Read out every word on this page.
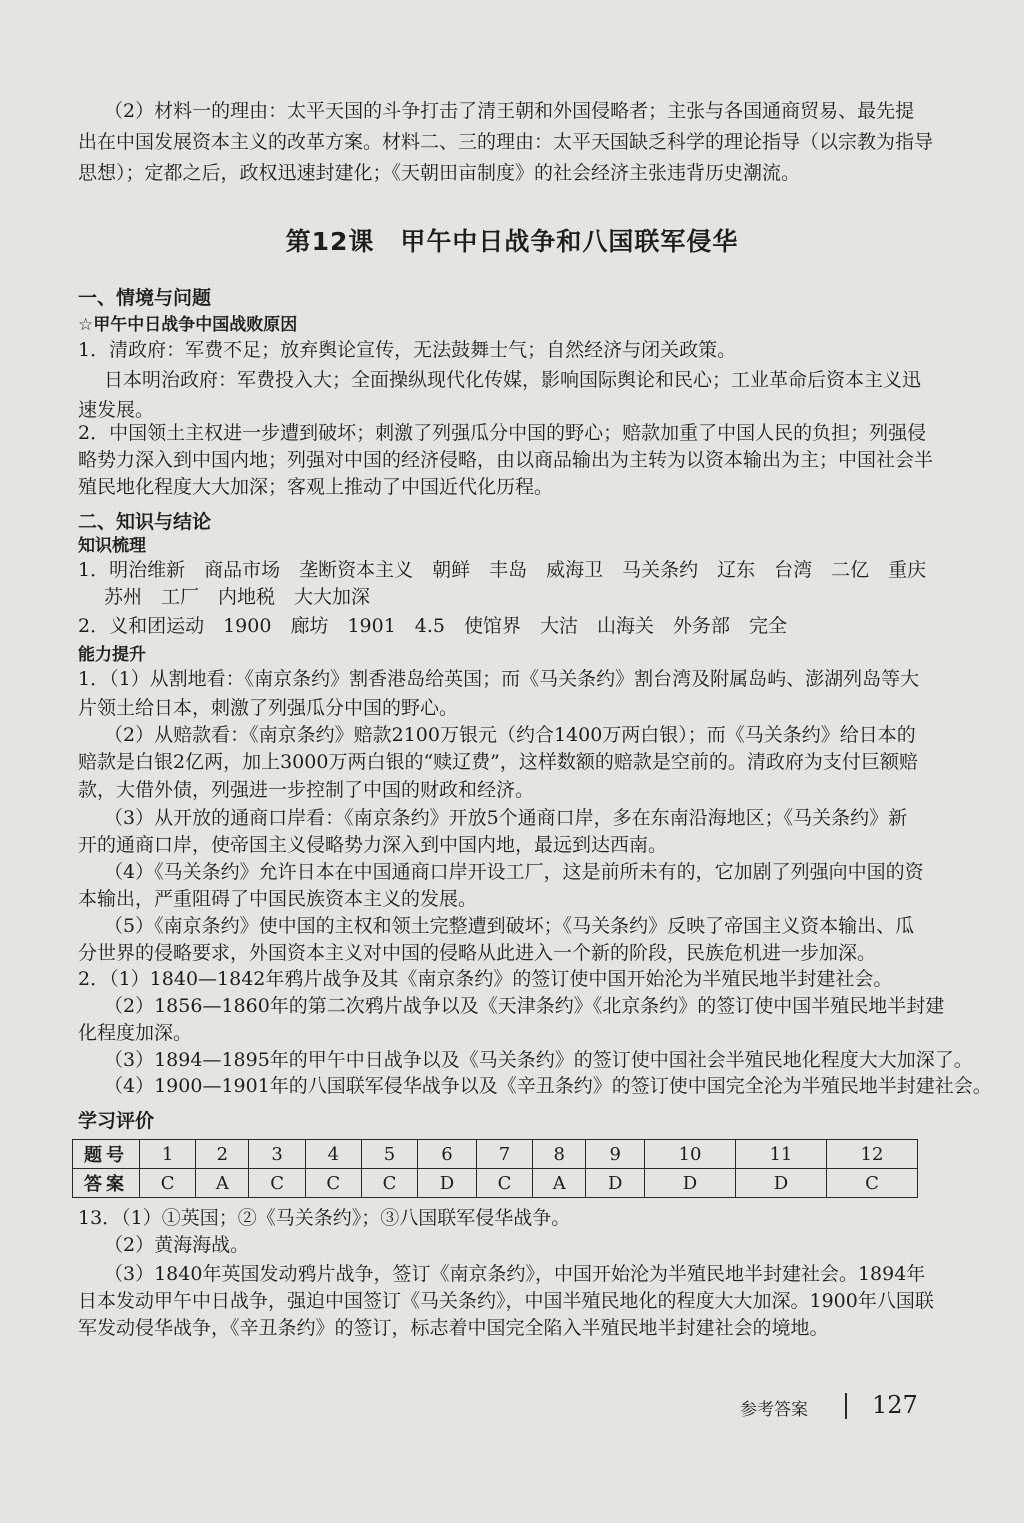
（2）材料一的理由：太平天国的斗争打击了清王朝和外国侵略者；主张与各国通商贸易、最先提
出在中国发展资本主义的改革方案。材料二、三的理由：太平天国缺乏科学的理论指导（以宗教为指导
思想）；定都之后，政权迅速封建化；《天朝田亩制度》的社会经济主张违背历史潮流。
第12课　甲午中日战争和八国联军侵华
一、情境与问题
☆甲午中日战争中国战败原因
1．清政府：军费不足；放弃舆论宣传，无法鼓舞士气；自然经济与闭关政策。
日本明治政府：军费投入大；全面操纵现代化传媒，影响国际舆论和民心；工业革命后资本主义迅
速发展。
2．中国领土主权进一步遭到破坏；刺激了列强瓜分中国的野心；赔款加重了中国人民的负担；列强侵
略势力深入到中国内地；列强对中国的经济侵略，由以商品输出为主转为以资本输出为主；中国社会半
殖民地化程度大大加深；客观上推动了中国近代化历程。
二、知识与结论
知识梳理
1．明治维新　商品市场　垄断资本主义　朝鲜　丰岛　威海卫　马关条约　辽东　台湾　二亿　重庆
苏州　工厂　内地税　大大加深
2．义和团运动　1900　廊坊　1901　4.5　使馆界　大沽　山海关　外务部　完全
能力提升
1．（1）从割地看：《南京条约》割香港岛给英国；而《马关条约》割台湾及附属岛屿、澎湖列岛等大
片领土给日本，刺激了列强瓜分中国的野心。
（2）从赔款看：《南京条约》赔款2100万银元（约合1400万两白银）；而《马关条约》给日本的
赔款是白银2亿两，加上3000万两白银的“赎辽费”，这样数额的赔款是空前的。清政府为支付巨额赔
款，大借外债，列强进一步控制了中国的财政和经济。
（3）从开放的通商口岸看：《南京条约》开放5个通商口岸，多在东南沿海地区；《马关条约》新
开的通商口岸，使帝国主义侵略势力深入到中国内地，最远到达西南。
（4）《马关条约》允许日本在中国通商口岸开设工厂，这是前所未有的，它加剧了列强向中国的资
本输出，严重阻碍了中国民族资本主义的发展。
（5）《南京条约》使中国的主权和领土完整遭到破坏；《马关条约》反映了帝国主义资本输出、瓜
分世界的侵略要求，外国资本主义对中国的侵略从此进入一个新的阶段，民族危机进一步加深。
2．（1）1840—1842年鸦片战争及其《南京条约》的签订使中国开始沦为半殖民地半封建社会。
（2）1856—1860年的第二次鸦片战争以及《天津条约》《北京条约》的签订使中国半殖民地半封建
化程度加深。
（3）1894—1895年的甲午中日战争以及《马关条约》的签订使中国社会半殖民地化程度大大加深了。
（4）1900—1901年的八国联军侵华战争以及《辛丑条约》的签订使中国完全沦为半殖民地半封建社会。
学习评价
题号	1	2	3	4	5	6	7	8	9	10	11	12
答案	C	A	C	C	C	D	C	A	D	D	D	C
13．（1）①英国；②《马关条约》；③八国联军侵华战争。
（2）黄海海战。
（3）1840年英国发动鸦片战争，签订《南京条约》，中国开始沦为半殖民地半封建社会。1894年
日本发动甲午中日战争，强迫中国签订《马关条约》，中国半殖民地化的程度大大加深。1900年八国联
军发动侵华战争，《辛丑条约》的签订，标志着中国完全陷入半殖民地半封建社会的境地。
参考答案	127
